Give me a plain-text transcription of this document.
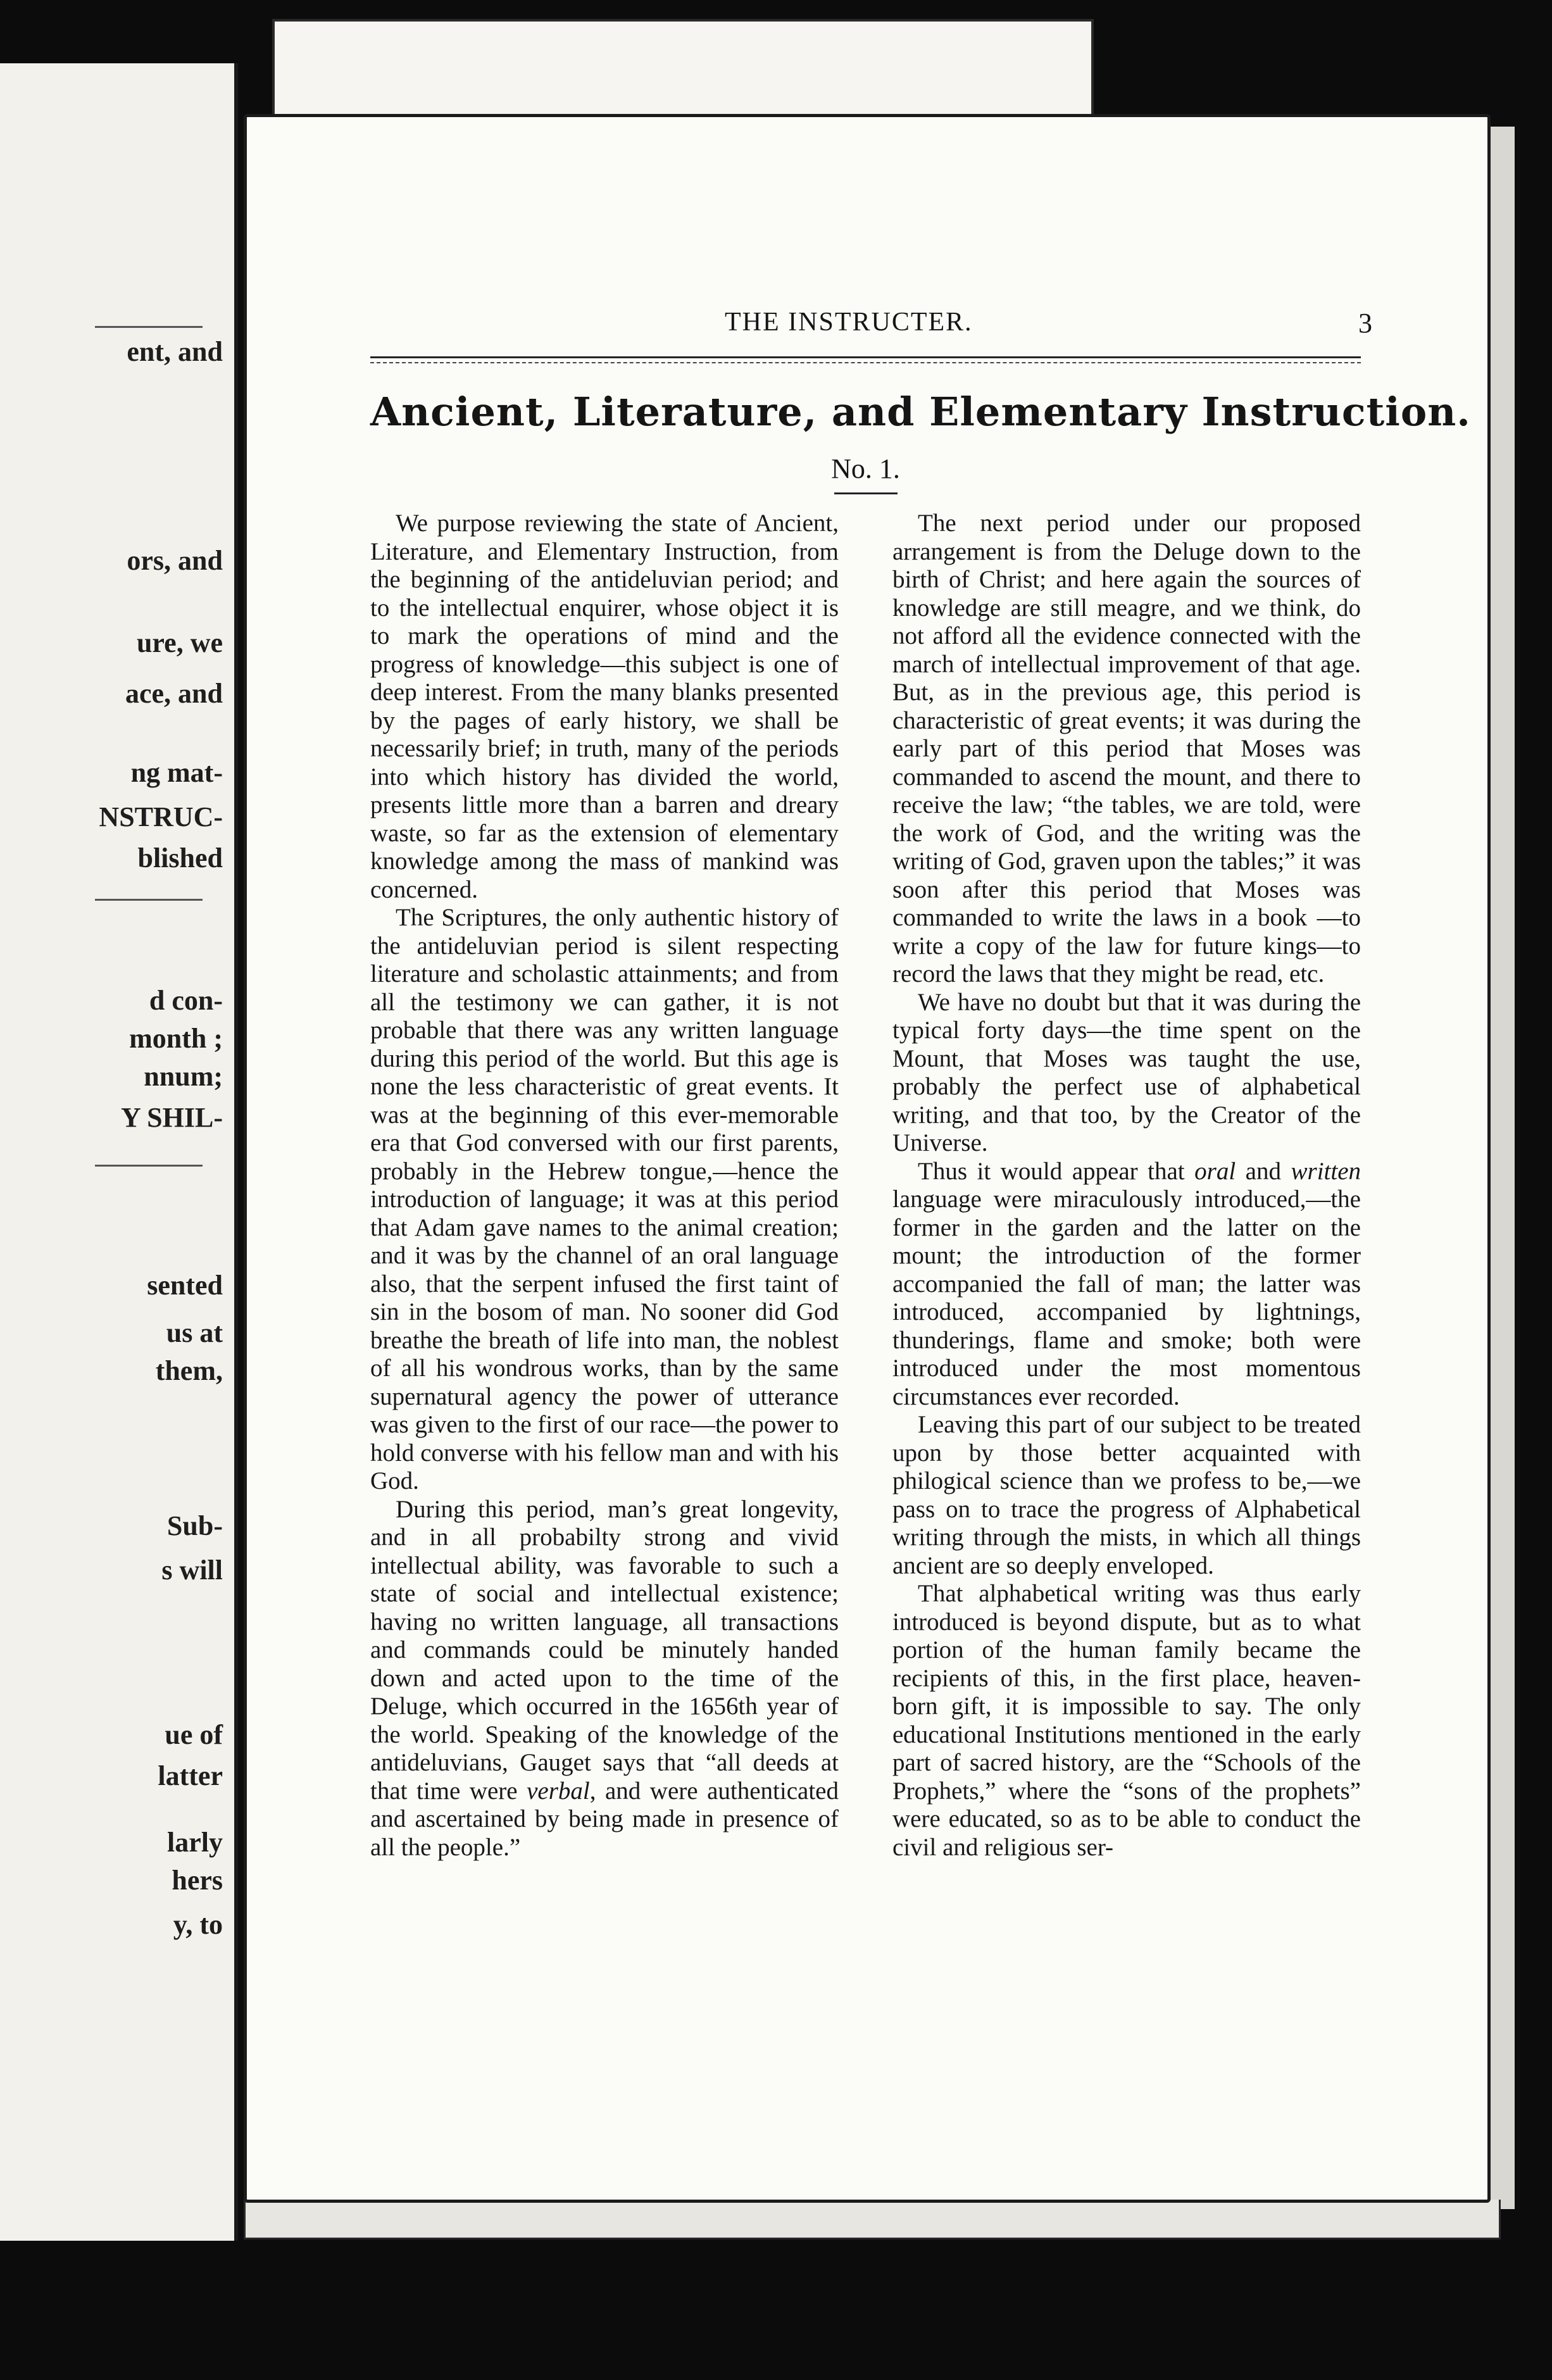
ent, and
ors, and
ure, we
ace, and
ng mat-
NSTRUC-
blished
d con-
month ;
nnum;
Y SHIL-
sented
us at
them,
Sub-
s will
ue of
latter
larly
hers
y, to
THE INSTRUCTER.	3
Ancient, Literature, and Elementary Instruction.
No. 1.

We purpose reviewing the state of Ancient, Literature, and Elementary Instruction, from the beginning of the antideluvian period; and to the intellectual enquirer, whose object it is to mark the operations of mind and the progress of knowledge—this subject is one of deep interest. From the many blanks presented by the pages of early history, we shall be necessarily brief; in truth, many of the periods into which history has divided the world, presents little more than a barren and dreary waste, so far as the extension of elementary knowledge among the mass of mankind was concerned.

The Scriptures, the only authentic history of the antideluvian period is silent respecting literature and scholastic attainments; and from all the testimony we can gather, it is not probable that there was any written language during this period of the world. But this age is none the less characteristic of great events. It was at the beginning of this ever-memorable era that God conversed with our first parents, probably in the Hebrew tongue,—hence the introduction of language; it was at this period that Adam gave names to the animal creation; and it was by the channel of an oral language also, that the serpent infused the first taint of sin in the bosom of man. No sooner did God breathe the breath of life into man, the noblest of all his wondrous works, than by the same supernatural agency the power of utterance was given to the first of our race—the power to hold converse with his fellow man and with his God.

During this period, man’s great longevity, and in all probabilty strong and vivid intellectual ability, was favorable to such a state of social and intellectual existence; having no written language, all transactions and commands could be minutely handed down and acted upon to the time of the Deluge, which occurred in the 1656th year of the world. Speaking of the knowledge of the antideluvians, Gauget says that “all deeds at that time were verbal, and were authenticated and ascertained by being made in presence of all the people.”

The next period under our proposed arrangement is from the Deluge down to the birth of Christ; and here again the sources of knowledge are still meagre, and we think, do not afford all the evidence connected with the march of intellectual improvement of that age. But, as in the previous age, this period is characteristic of great events; it was during the early part of this period that Moses was commanded to ascend the mount, and there to receive the law; “the tables, we are told, were the work of God, and the writing was the writing of God, graven upon the tables;” it was soon after this period that Moses was commanded to write the laws in a book —to write a copy of the law for future kings—to record the laws that they might be read, etc.

We have no doubt but that it was during the typical forty days—the time spent on the Mount, that Moses was taught the use, probably the perfect use of alphabetical writing, and that too, by the Creator of the Universe.

Thus it would appear that oral and written language were miraculously introduced,—the former in the garden and the latter on the mount; the introduction of the former accompanied the fall of man; the latter was introduced, accompanied by lightnings, thunderings, flame and smoke; both were introduced under the most momentous circumstances ever recorded.

Leaving this part of our subject to be treated upon by those better acquainted with philogical science than we profess to be,—we pass on to trace the progress of Alphabetical writing through the mists, in which all things ancient are so deeply enveloped.

That alphabetical writing was thus early introduced is beyond dispute, but as to what portion of the human family became the recipients of this, in the first place, heaven-born gift, it is impossible to say. The only educational Institutions mentioned in the early part of sacred history, are the “Schools of the Prophets,” where the “sons of the prophets” were educated, so as to be able to conduct the civil and religious ser-
